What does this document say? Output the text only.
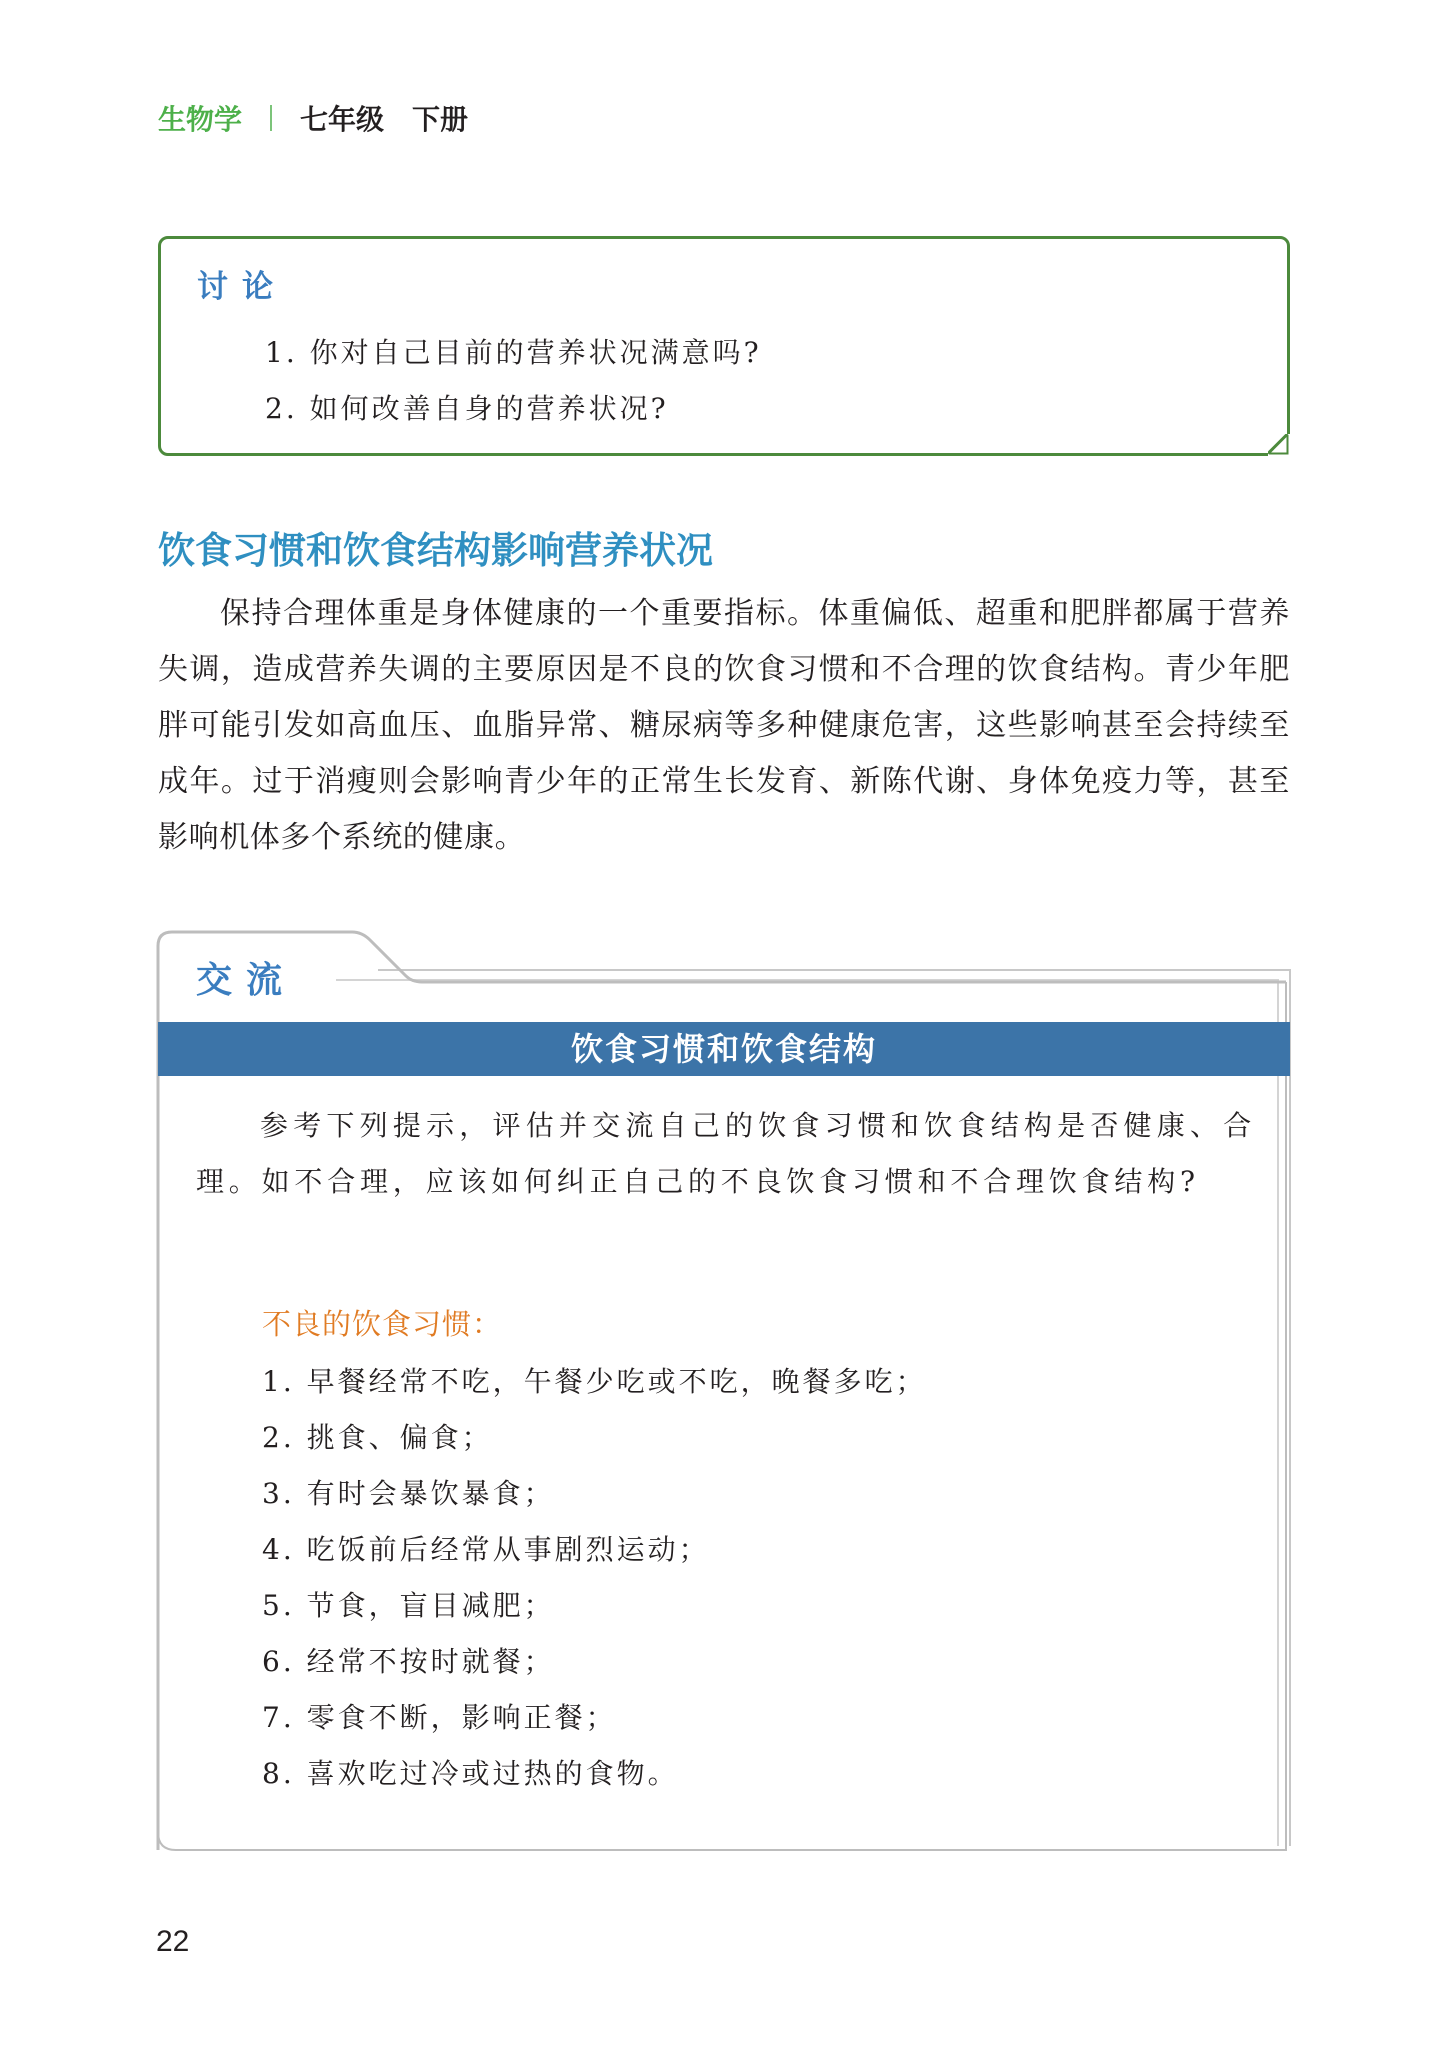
生物学 七年级 下册
讨论
1. 你对自己目前的营养状况满意吗?
2. 如何改善自身的营养状况?
饮食习惯和饮食结构影响营养状况
保持合理体重是身体健康的一个重要指标。体重偏低、超重和肥胖都属于营养失调，造成营养失调的主要原因是不良的饮食习惯和不合理的饮食结构。青少年肥胖可能引发如高血压、血脂异常、糖尿病等多种健康危害，这些影响甚至会持续至成年。过于消瘦则会影响青少年的正常生长发育、新陈代谢、身体免疫力等，甚至影响机体多个系统的健康。
交流
饮食习惯和饮食结构
参考下列提示，评估并交流自己的饮食习惯和饮食结构是否健康、合理。如不合理，应该如何纠正自己的不良饮食习惯和不合理饮食结构?
不良的饮食习惯：
1. 早餐经常不吃，午餐少吃或不吃，晚餐多吃；
2. 挑食、偏食；
3. 有时会暴饮暴食；
4. 吃饭前后经常从事剧烈运动；
5. 节食，盲目减肥；
6. 经常不按时就餐；
7. 零食不断，影响正餐；
8. 喜欢吃过冷或过热的食物。
22
